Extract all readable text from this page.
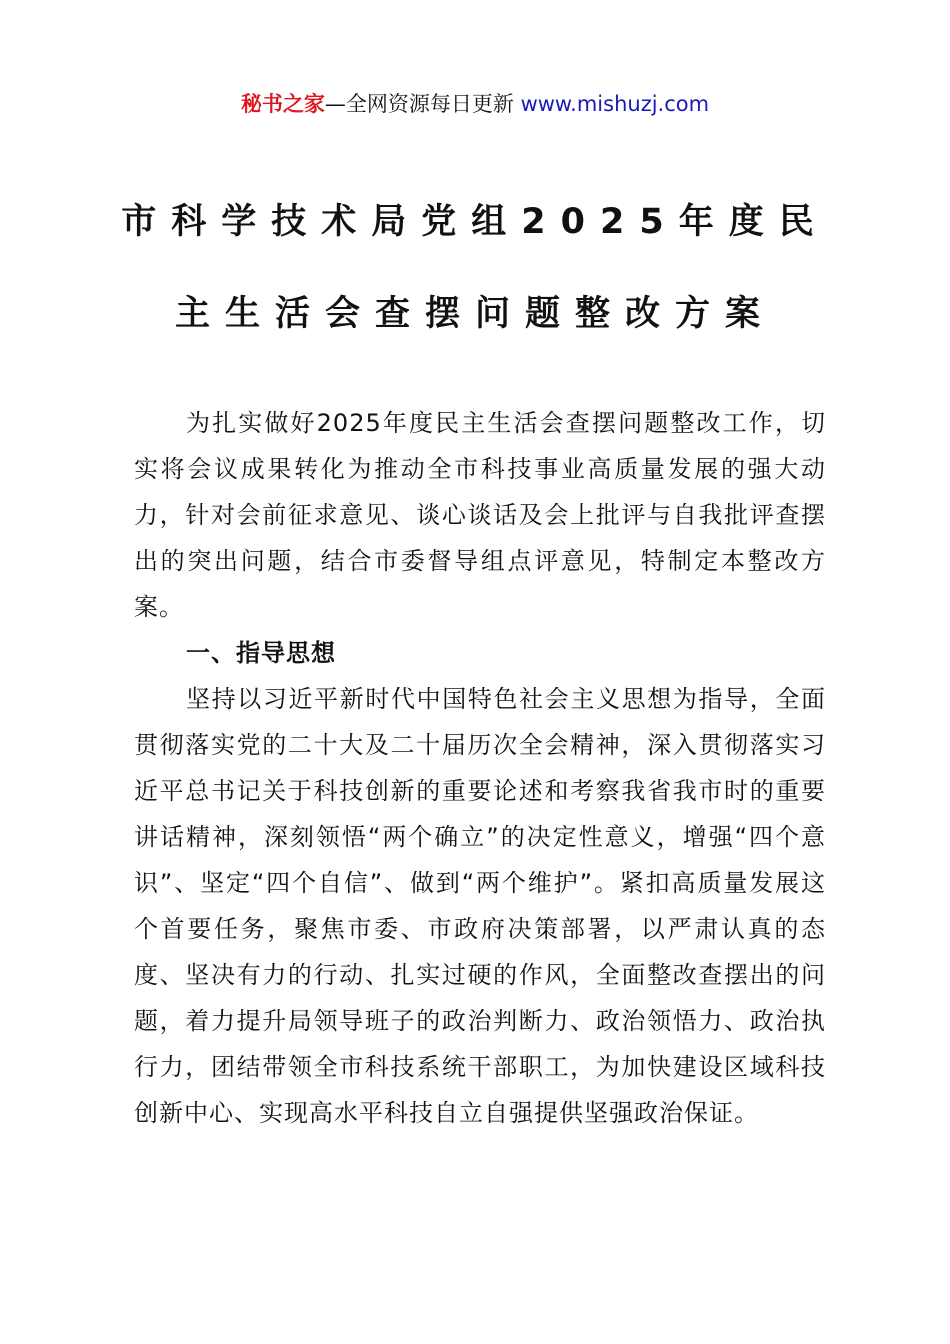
秘书之家—全网资源每日更新 www.mishuzj.com
市科学技术局党组2025年度民
主生活会查摆问题整改方案

为扎实做好2025年度民主生活会查摆问题整改工作，切实将会议成果转化为推动全市科技事业高质量发展的强大动力，针对会前征求意见、谈心谈话及会上批评与自我批评查摆出的突出问题，结合市委督导组点评意见，特制定本整改方案。

一、指导思想

坚持以习近平新时代中国特色社会主义思想为指导，全面贯彻落实党的二十大及二十届历次全会精神，深入贯彻落实习近平总书记关于科技创新的重要论述和考察我省我市时的重要讲话精神，深刻领悟“两个确立”的决定性意义，增强“四个意识”、坚定“四个自信”、做到“两个维护”。紧扣高质量发展这个首要任务，聚焦市委、市政府决策部署，以严肃认真的态度、坚决有力的行动、扎实过硬的作风，全面整改查摆出的问题，着力提升局领导班子的政治判断力、政治领悟力、政治执行力，团结带领全市科技系统干部职工，为加快建设区域科技创新中心、实现高水平科技自立自强提供坚强政治保证。
